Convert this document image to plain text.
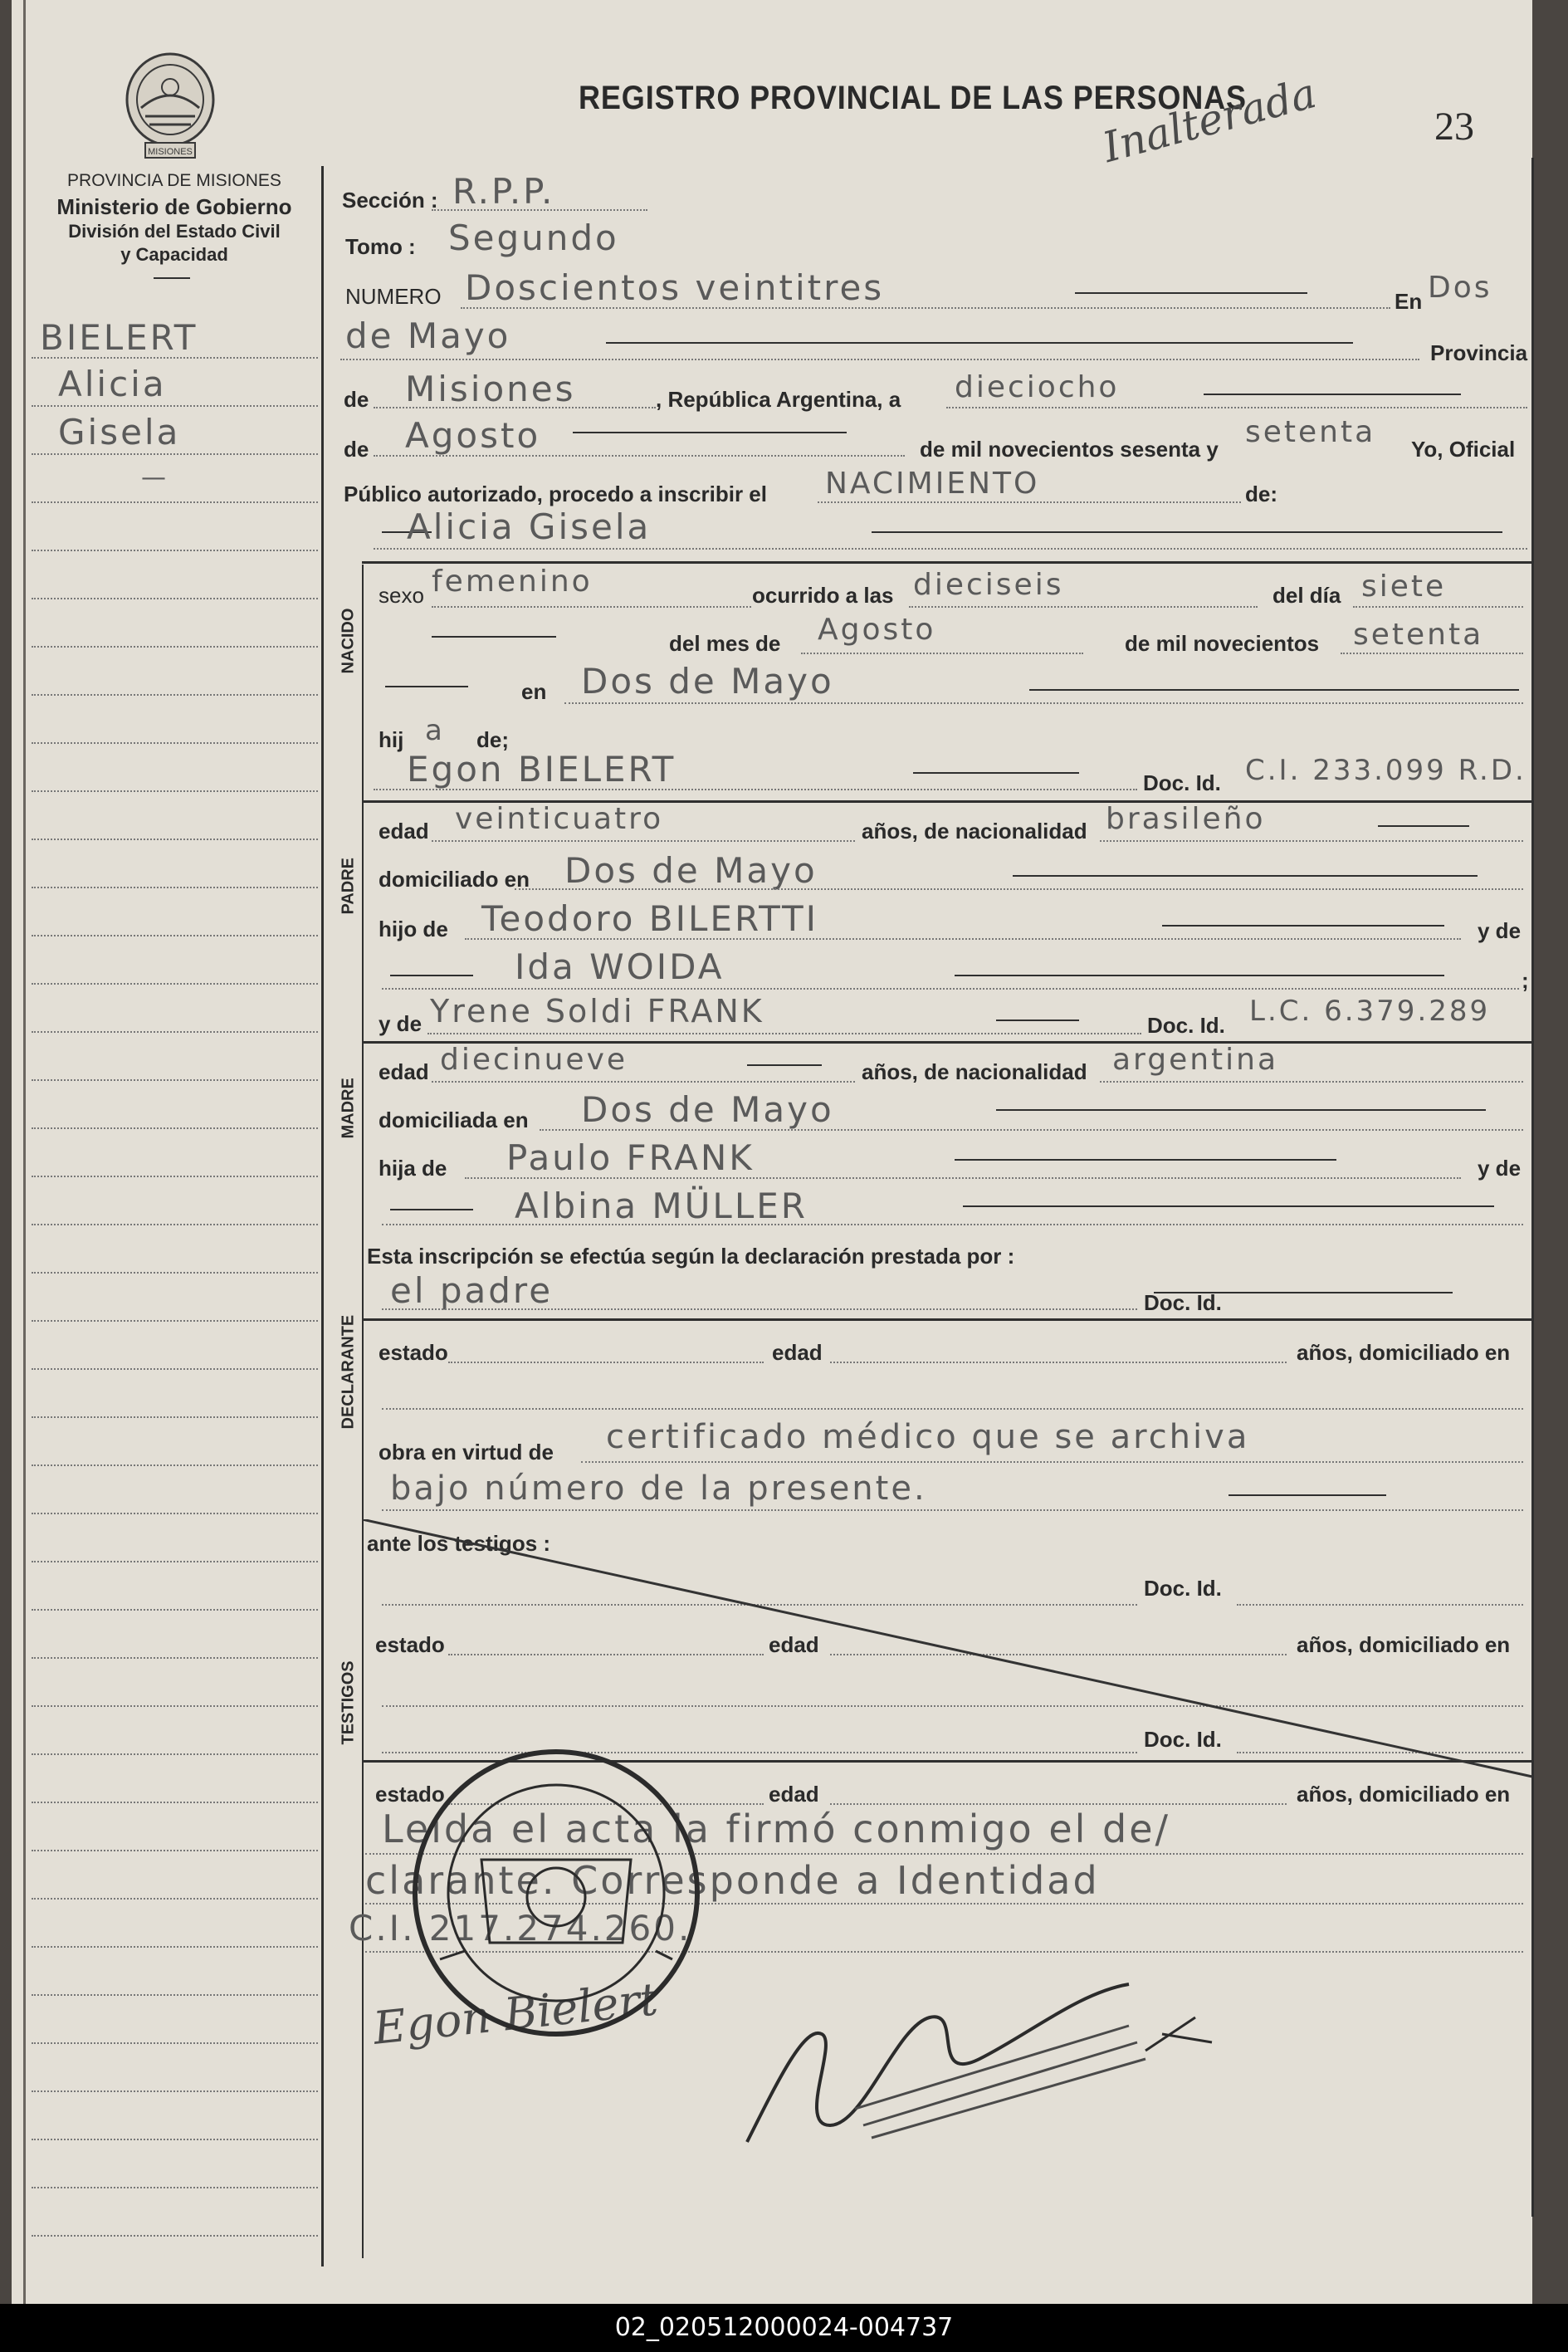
MISIONES
PROVINCIA DE MISIONES
Ministerio de Gobierno
División del Estado Civil
y Capacidad
REGISTRO PROVINCIAL DE LAS PERSONAS
23
Inalterada
BIELERT
Alicia
Gisela
—
Sección : R.P.P.
Tomo : Segundo
NUMERO Doscientos veintitres	En Dos
de Mayo	Provincia
de Misiones	, República Argentina, a dieciocho
de Agosto	de mil novecientos sesenta y setenta Yo, Oficial
Público autorizado, procedo a inscribir el NACIMIENTO	de:
Alicia Gisela
NACIDO
sexo femenino	ocurrido a las dieciseis	del día siete
del mes de Agosto	de mil novecientos setenta
en Dos de Mayo
hij a de;
PADRE
Egon BIELERT	Doc. Id. C.I. 233.099 R.D.
edad veinticuatro	años, de nacionalidad brasileño
domiciliado en Dos de Mayo
hijo de Teodoro BILERTTI	y de
Ida WOIDA	;
MADRE
y de Yrene Soldi FRANK	Doc. Id. L.C. 6.379.289
edad diecinueve	años, de nacionalidad argentina
domiciliada en Dos de Mayo
hija de Paulo FRANK	y de
Albina MÜLLER
Esta inscripción se efectúa según la declaración prestada por :
el padre	Doc. Id.
estado	edad	años, domiciliado en
obra en virtud de certificado médico que se archiva
bajo número de la presente.
ante los testigos :
TESTIGOS
Doc. Id.
estado	edad	años, domiciliado en
Doc. Id.
estado	edad	años, domiciliado en
Leída el acta la firmó conmigo el de/
clarante. Corresponde a Identidad
C.I. 217.274.260.
Egon Bielert
02_020512000024-004737
